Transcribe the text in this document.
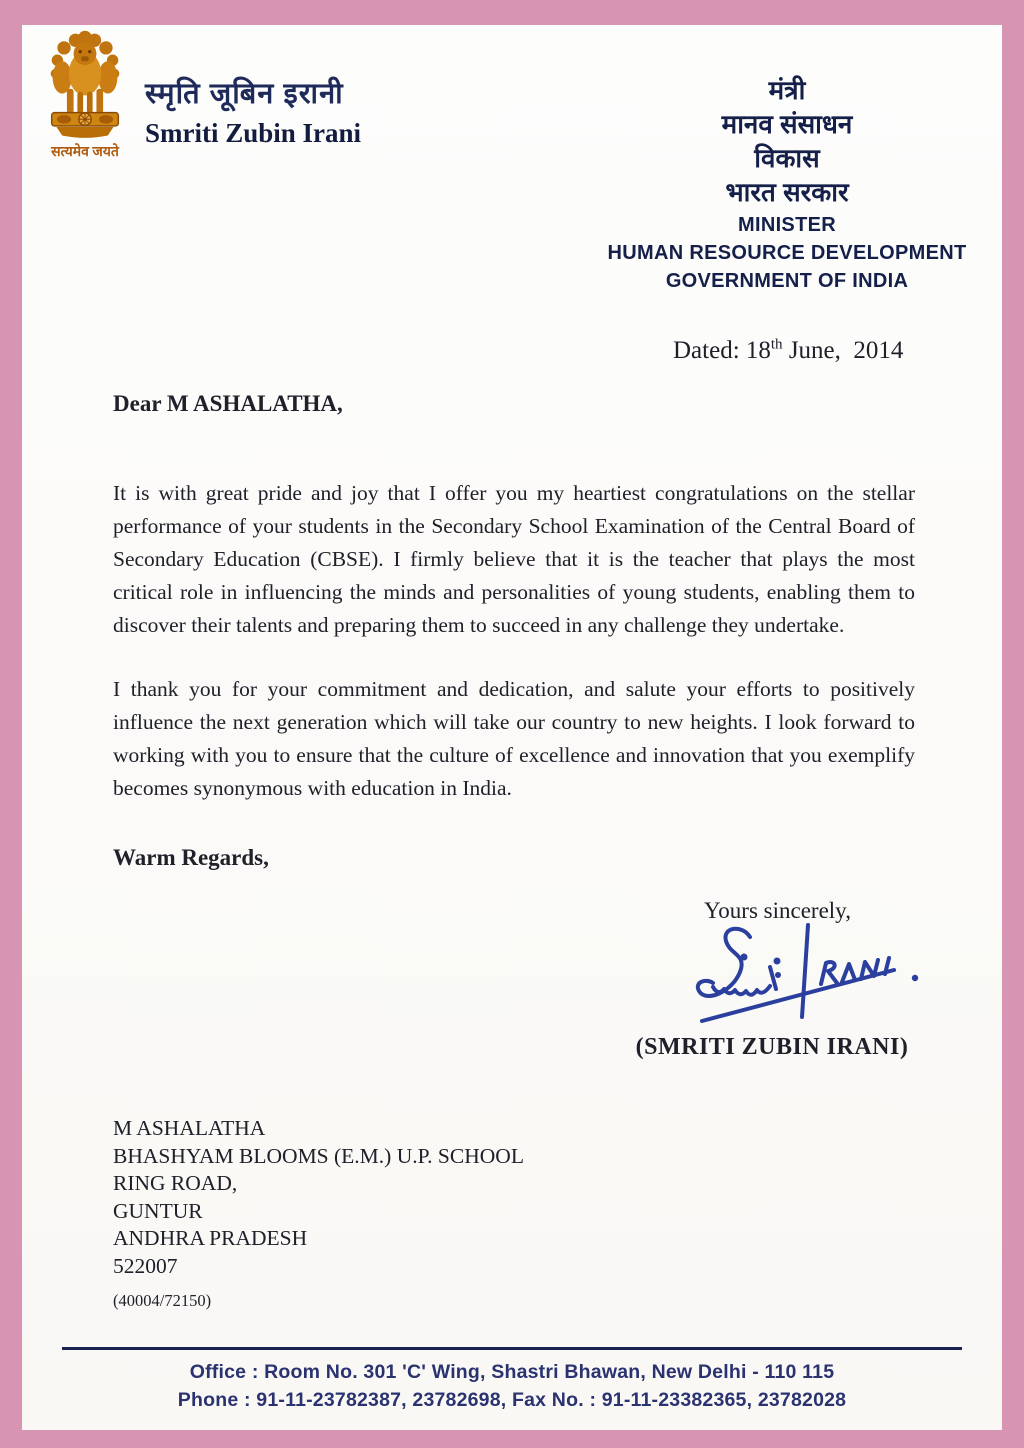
सत्यमेव जयते
स्मृति जूबिन इरानी
Smriti Zubin Irani
मंत्री
मानव संसाधन
विकास
भारत सरकार
MINISTER
HUMAN RESOURCE DEVELOPMENT
GOVERNMENT OF INDIA
Dated: 18th June,  2014
Dear M ASHALATHA,
It is with great pride and joy that I offer you my heartiest congratulations on the stellar performance of your students in the Secondary School Examination of the Central Board of Secondary Education (CBSE). I firmly believe that it is the teacher that plays the most critical role in influencing the minds and personalities of young students, enabling them to discover their talents and preparing them to succeed in any challenge they undertake.
I thank you for your commitment and dedication, and salute your efforts to positively influence the next generation which will take our country to new heights. I look forward to working with you to ensure that the culture of excellence and innovation that you exemplify becomes synonymous with education in India.
Warm Regards,
Yours sincerely,
(SMRITI ZUBIN IRANI)
M ASHALATHA
BHASHYAM BLOOMS (E.M.) U.P. SCHOOL
RING ROAD,
GUNTUR
ANDHRA PRADESH
522007
(40004/72150)
Office : Room No. 301 'C' Wing, Shastri Bhawan, New Delhi - 110 115
Phone : 91-11-23782387, 23782698, Fax No. : 91-11-23382365, 23782028
